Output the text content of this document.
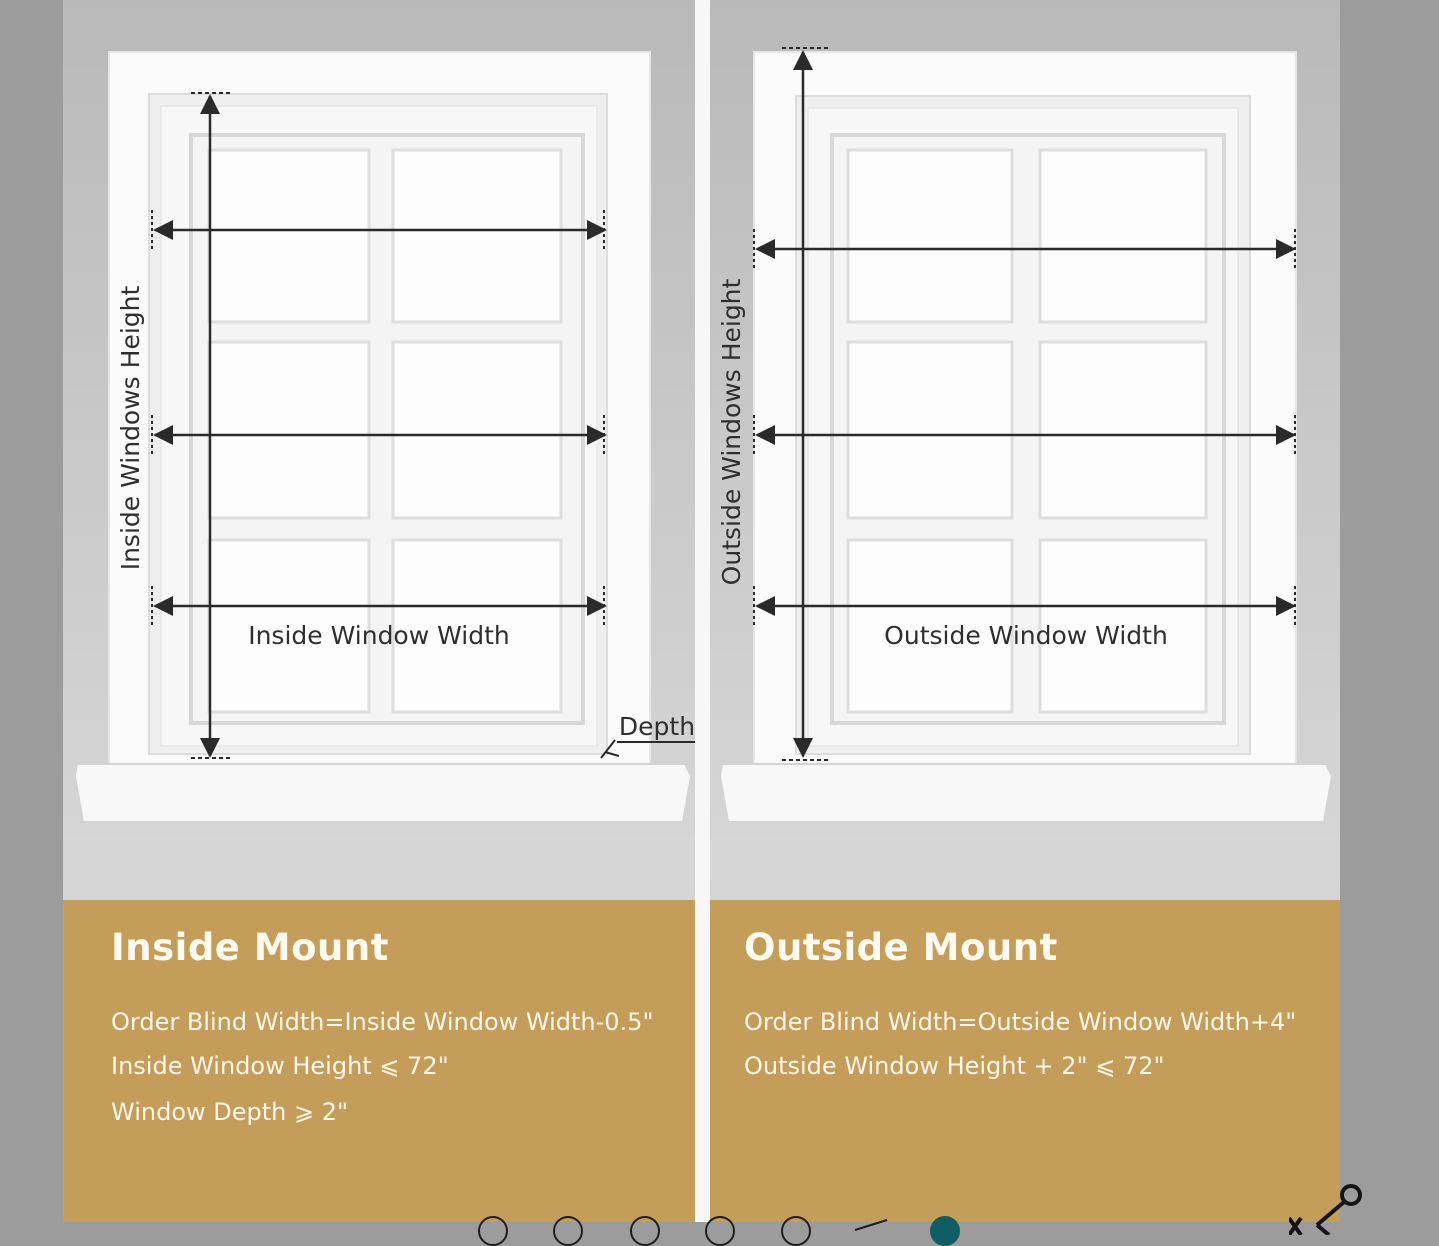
Inside Windows Height
Inside Window Width
Depth
Inside Mount

Order Blind Width=Inside Window Width-0.5"

Inside Window Height ⩽ 72"

Window Depth ⩾ 2"

Outside Windows Height
Outside Window Width
Outside Mount

Order Blind Width=Outside Window Width+4"

Outside Window Height + 2" ⩽ 72"
